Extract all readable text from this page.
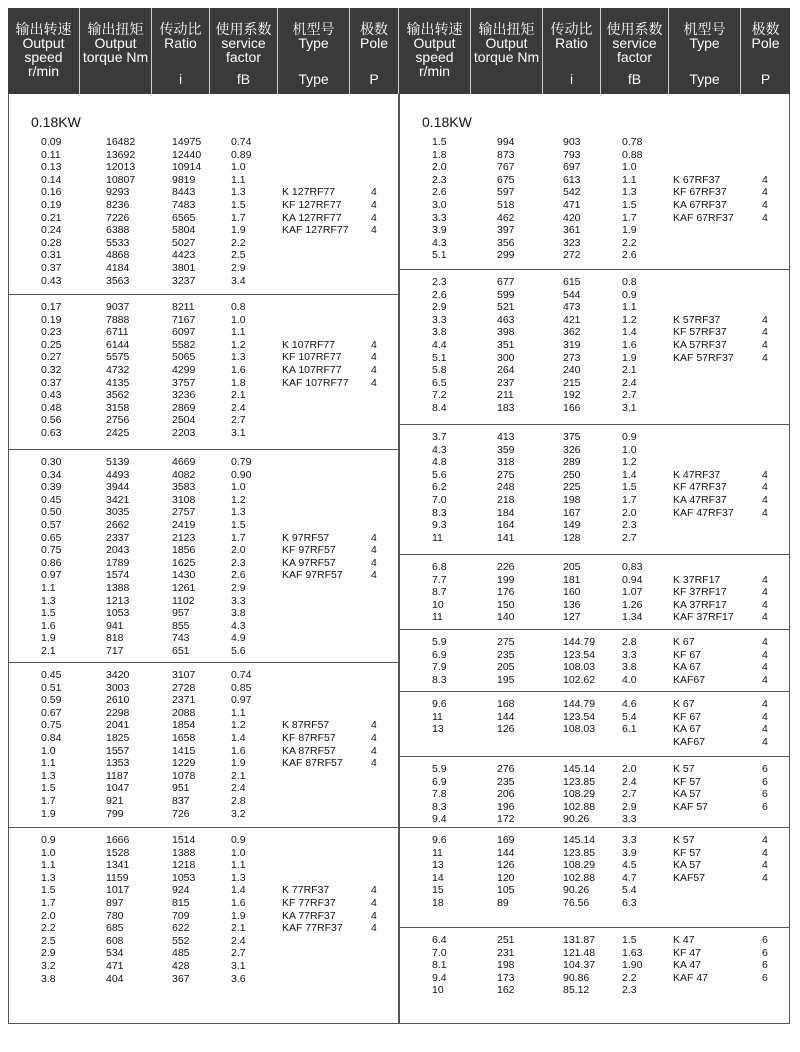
输出转速
Output speed r/min
输出扭矩
Output torque Nm
传动比
Ratio
i
使用系数
service factor
fB
机型号
Type
Type
极数
Pole
P
输出转速
Output speed r/min
输出扭矩
Output torque Nm
传动比
Ratio
i
使用系数
service factor
fB
机型号
Type
Type
极数
Pole
P
0.18KW
0.09	16482	14975	0.74
0.11	13692	12440	0.89
0.13	12013	10914	1.0
0.14	10807	9819	1.1
0.16	9293	8443	1.3	K 127RF77	4
0.19	8236	7483	1.5	KF 127RF77	4
0.21	7226	6565	1.7	KA 127RF77	4
0.24	6388	5804	1.9	KAF 127RF77 4
0.28	5533	5027	2.2
0.31	4868	4423	2.5
0.37	4184	3801	2.9
0.43	3563	3237	3.4
0.17	9037	8211	0.8
0.19	7888	7167	1.0
0.23	6711	6097	1.1
0.25	6144	5582	1.2	K 107RF77	4
0.27	5575	5065	1.3	KF 107RF77	4
0.32	4732	4299	1.6	KA 107RF77	4
0.37	4135	3757	1.8	KAF 107RF77 4
0.43	3562	3236	2.1
0.48	3158	2869	2.4
0.56	2756	2504	2.7
0.63	2425	2203	3.1
0.30	5139	4669	0.79
0.34	4493	4082	0.90
0.39	3944	3583	1.0
0.45	3421	3108	1.2
0.50	3035	2757	1.3
0.57	2662	2419	1.5
0.65	2337	2123	1.7	K 97RF57	4
0.75	2043	1856	2.0	KF 97RF57	4
0.86	1789	1625	2.3	KA 97RF57	4
0.97	1574	1430	2.6	KAF 97RF57	4
1.1	1388	1261	2.9
1.3	1213	1102	3.3
1.5	1053	957	3.8
1.6	941	855	4.3
1.9	818	743	4.9
2.1	717	651	5.6
0.45	3420	3107	0.74
0.51	3003	2728	0.85
0.59	2610	2371	0.97
0.67	2298	2088	1.1
0.75	2041	1854	1.2	K 87RF57	4
0.84	1825	1658	1.4	KF 87RF57	4
1.0	1557	1415	1.6	KA 87RF57	4
1.1	1353	1229	1.9	KAF 87RF57	4
1.3	1187	1078	2.1
1.5	1047	951	2.4
1.7	921	837	2.8
1.9	799	726	3.2
0.9	1666	1514	0.9
1.0	1528	1388	1.0
1.1	1341	1218	1.1
1.3	1159	1053	1.3
1.5	1017	924	1.4	K 77RF37	4
1.7	897	815	1.6	KF 77RF37	4
2.0	780	709	1.9	KA 77RF37	4
2.2	685	622	2.1	KAF 77RF37	4
2.5	608	552	2.4
2.9	534	485	2.7
3.2	471	428	3.1
3.8	404	367	3.6
0.18KW
1.5	994	903	0.78
1.8	873	793	0.88
2.0	767	697	1.0
2.3	675	613	1.1	K 67RF37	4
2.6	597	542	1.3	KF 67RF37	4
3.0	518	471	1.5	KA 67RF37	4
3.3	462	420	1.7	KAF 67RF37	4
3.9	397	361	1.9
4.3	356	323	2.2
5.1	299	272	2.6
2.3	677	615	0.8
2.6	599	544	0.9
2.9	521	473	1.1
3.3	463	421	1.2	K 57RF37	4
3.8	398	362	1.4	KF 57RF37	4
4.4	351	319	1.6	KA 57RF37	4
5.1	300	273	1.9	KAF 57RF37	4
5.8	264	240	2.1
6.5	237	215	2.4
7.2	211	192	2.7
8.4	183	166	3.1
3.7	413	375	0.9
4.3	359	326	1.0
4.8	318	289	1.2
5.6	275	250	1.4	K 47RF37	4
6.2	248	225	1.5	KF 47RF37	4
7.0	218	198	1.7	KA 47RF37	4
8.3	184	167	2.0	KAF 47RF37	4
9.3	164	149	2.3
11	141	128	2.7
6.8	226	205	0.83
7.7	199	181	0.94	K 37RF17	4
8.7	176	160	1.07	KF 37RF17	4
10	150	136	1.26	KA 37RF17	4
11	140	127	1.34	KAF 37RF17	4
5.9	275	144.79	2.8	K 67	4
6.9	235	123.54	3.3	KF 67	4
7.9	205	108.03	3.8	KA 67	4
8.3	195	102.62	4.0	KAF67	4
9.6	168	144.79	4.6	K 67	4
11	144	123.54	5.4	KF 67	4
13	126	108.03	6.1	KA 67	4
KAF67	4
5.9	276	145.14	2.0	K 57	6
6.9	235	123.85	2.4	KF 57	6
7.8	206	108.29	2.7	KA 57	6
8.3	196	102.88	2.9	KAF 57	6
9.4	172	90.26	3.3
9.6	169	145.14	3.3	K 57	4
11	144	123.85	3.9	KF 57	4
13	126	108.29	4.5	KA 57	4
14	120	102.88	4.7	KAF57	4
15	105	90.26	5.4
18	89	76.56	6.3
6.4	251	131.87	1.5	K 47	6
7.0	231	121.48	1.63	KF 47	6
8.1	198	104.37	1.90	KA 47	6
9.4	173	90.86	2.2	KAF 47	6
10	162	85.12	2.3
